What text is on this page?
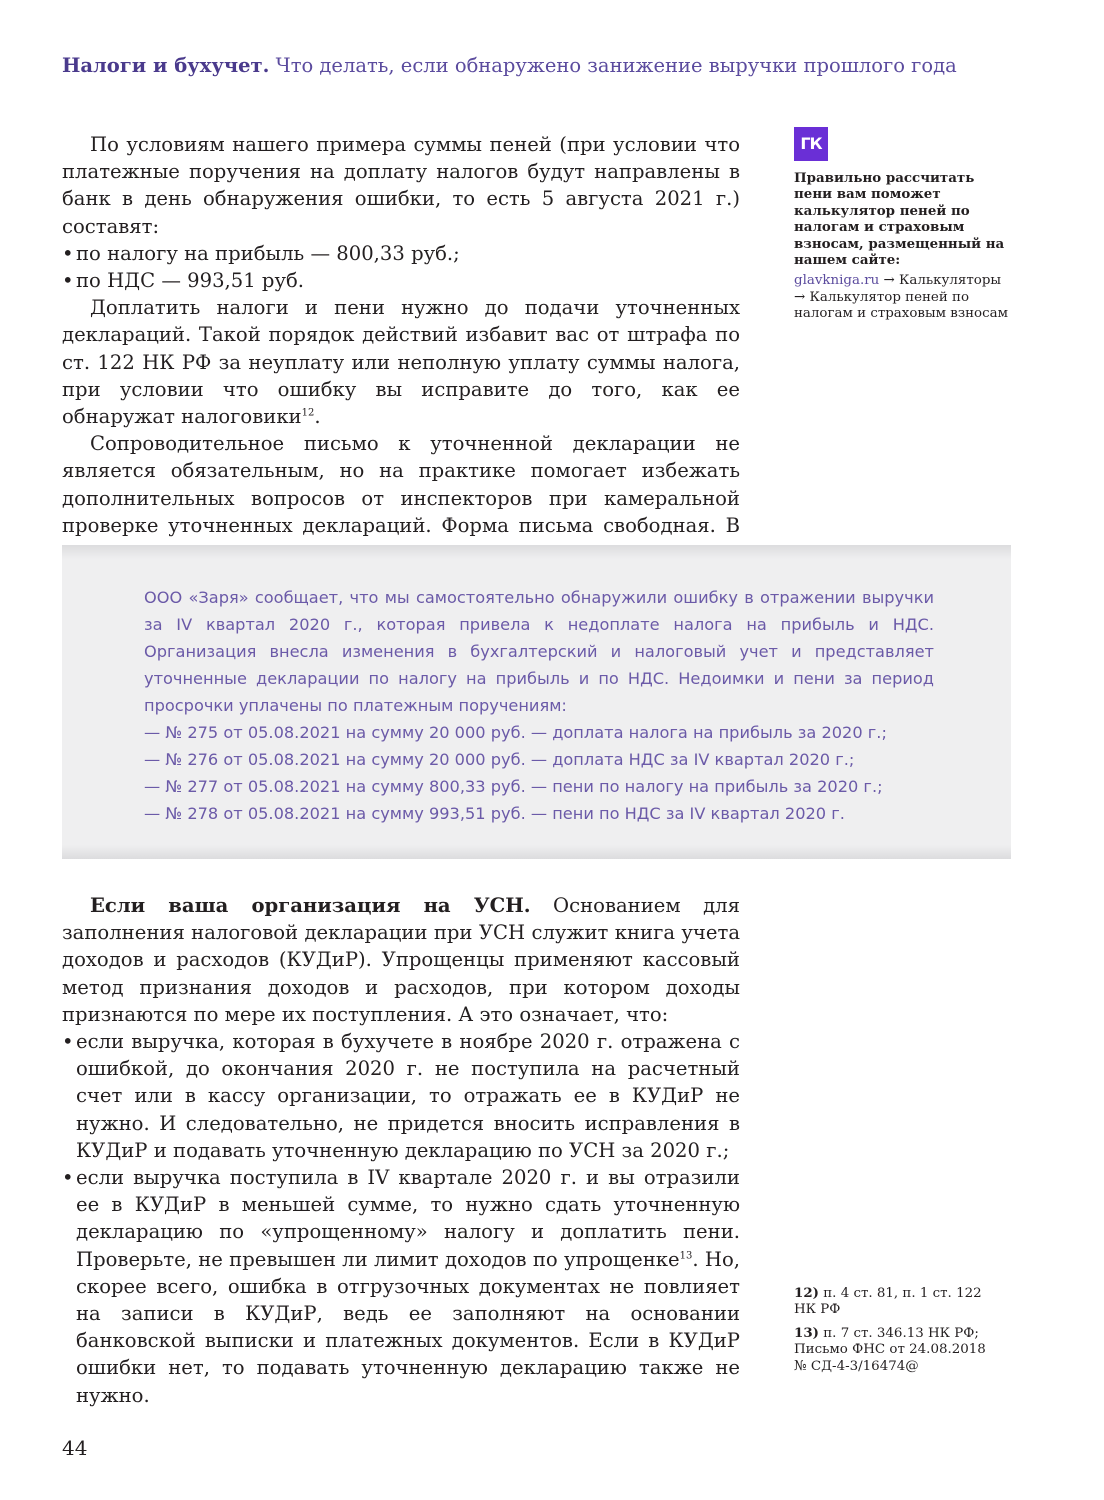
Налоги и бухучет. Что делать, если обнаружено занижение выручки прошлого года

По условиям нашего примера суммы пеней (при условии что платежные поручения на доплату налогов будут направлены в банк в день обнаружения ошибки, то есть 5 августа 2021 г.) составят:

• по налогу на прибыль — 800,33 руб.;

• по НДС — 993,51 руб.

Доплатить налоги и пени нужно до подачи уточненных деклараций. Такой порядок действий избавит вас от штрафа по ст. 122 НК РФ за неуплату или неполную уплату суммы налога, при условии что ошибку вы исправите до того, как ее обнаружат налоговики$^{12}$.

Сопроводительное письмо к уточненной декларации не является обязательным, но на практике помогает избежать дополнительных вопросов от инспекторов при камеральной проверке уточненных деклараций. Форма письма свободная. В

ГК
Правильно рассчитать пени вам поможет калькулятор пеней по налогам и страховым взносам, размещенный на нашем сайте:
glavkniga.ru → Калькуляторы → Калькулятор пеней по налогам и страховым взносам

ООО «Заря» сообщает, что мы самостоятельно обнаружили ошибку в отражении выручки за IV квартал 2020 г., которая привела к недоплате налога на прибыль и НДС. Организация внесла изменения в бухгалтерский и налоговый учет и представляет уточненные декларации по налогу на прибыль и по НДС. Недоимки и пени за период просрочки уплачены по платежным поручениям:

— № 275 от 05.08.2021 на сумму 20 000 руб. — доплата налога на прибыль за 2020 г.;

— № 276 от 05.08.2021 на сумму 20 000 руб. — доплата НДС за IV квартал 2020 г.;

— № 277 от 05.08.2021 на сумму 800,33 руб. — пени по налогу на прибыль за 2020 г.;

— № 278 от 05.08.2021 на сумму 993,51 руб. — пени по НДС за IV квартал 2020 г.

Если ваша организация на УСН. Основанием для заполнения налоговой декларации при УСН служит книга учета доходов и расходов (КУДиР). Упрощенцы применяют кассовый метод признания доходов и расходов, при котором доходы признаются по мере их поступления. А это означает, что:

• если выручка, которая в бухучете в ноябре 2020 г. отражена с ошибкой, до окончания 2020 г. не поступила на расчетный счет или в кассу организации, то отражать ее в КУДиР не нужно. И следовательно, не придется вносить исправления в КУДиР и подавать уточненную декларацию по УСН за 2020 г.;

• если выручка поступила в IV квартале 2020 г. и вы отразили ее в КУДиР в меньшей сумме, то нужно сдать уточненную декларацию по «упрощенному» налогу и доплатить пени. Проверьте, не превышен ли лимит доходов по упрощенке$^{13}$. Но, скорее всего, ошибка в отгрузочных документах не повлияет на записи в КУДиР, ведь ее заполняют на основании банковской выписки и платежных документов. Если в КУДиР ошибки нет, то подавать уточненную декларацию также не нужно.

12) п. 4 ст. 81, п. 1 ст. 122 НК РФ
13) п. 7 ст. 346.13 НК РФ; Письмо ФНС от 24.08.2018 № СД-4-3/16474@
44
